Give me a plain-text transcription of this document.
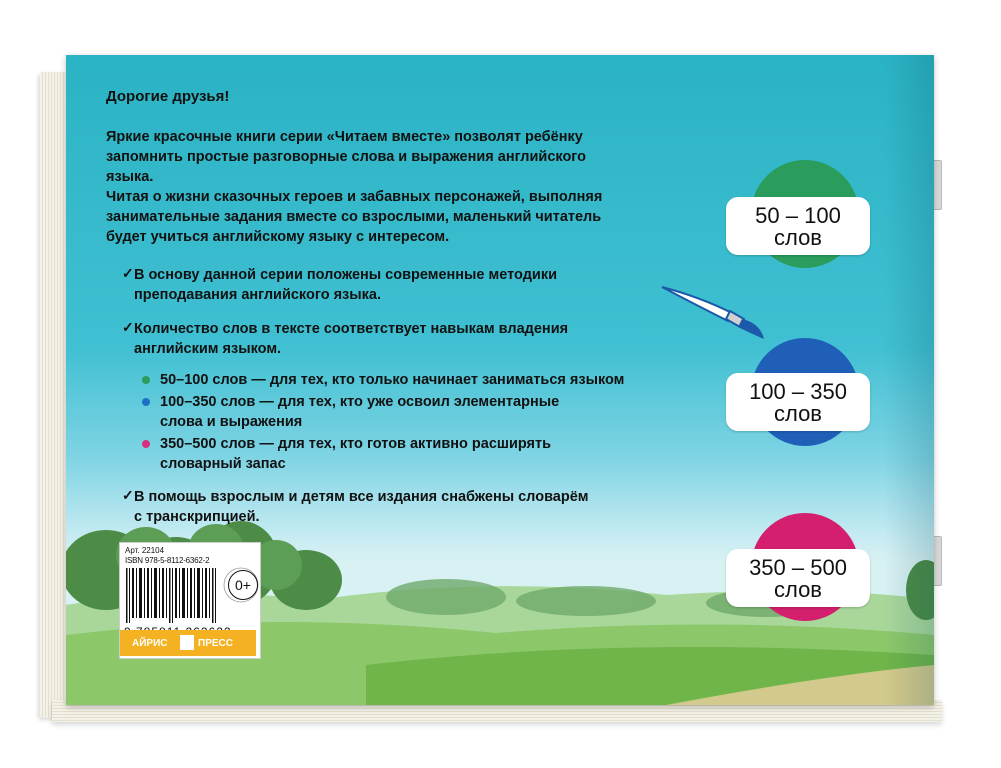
Дорогие друзья!
Яркие красочные книги серии «Читаем вместе» позволят ребёнку
запомнить простые разговорные слова и выражения английского
языка.
Читая о жизни сказочных героев и забавных персонажей, выполняя
занимательные задания вместе со взрослыми, маленький читатель
будет учиться английскому языку с интересом.
✓ В основу данной серии положены современные методики
преподавания английского языка.
✓ Количество слов в тексте соответствует навыкам владения
английским языком.
50–100 слов — для тех, кто только начинает заниматься языком
100–350 слов — для тех, кто уже освоил элементарные
слова и выражения
350–500 слов — для тех, кто готов активно расширять
словарный запас
✓ В помощь взрослым и детям все издания снабжены словарём
с транскрипцией.
50 – 100
слов
100 – 350
слов
350 – 500
слов
Арт. 22104
ISBN 978-5-8112-6362-2
0+
АЙРИС	ПРЕСС
